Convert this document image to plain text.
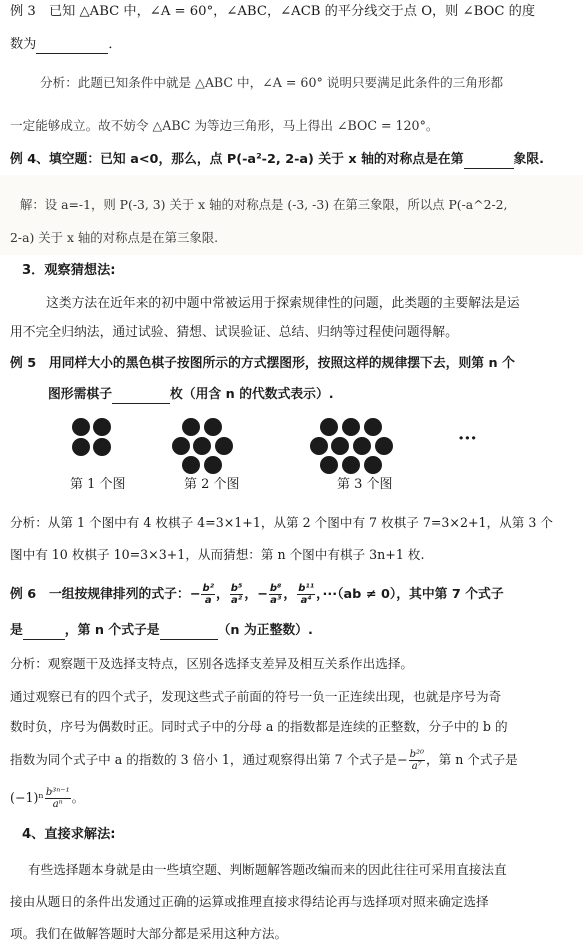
例 3　已知 △ABC 中，∠A = 60°，∠ABC，∠ACB 的平分线交于点 O，则 ∠BOC 的度
数为	．
分析：此题已知条件中就是 △ABC 中，∠A = 60° 说明只要满足此条件的三角形都
一定能够成立。故不妨令 △ABC 为等边三角形，马上得出 ∠BOC = 120°。
例 4、填空题：已知 a<0，那么，点 P(-a²-2, 2-a) 关于 x 轴的对称点是在第	象限.
解：设 a=-1，则 P(-3, 3) 关于 x 轴的对称点是 (-3, -3) 在第三象限，所以点 P(-a^2-2,
2-a) 关于 x 轴的对称点是在第三象限.
3．观察猜想法:
这类方法在近年来的初中题中常被运用于探索规律性的问题，此类题的主要解法是运
用不完全归纳法，通过试验、猜想、试误验证、总结、归纳等过程使问题得解。
例 5　用同样大小的黑色棋子按图所示的方式摆图形，按照这样的规律摆下去，则第 n 个
图形需棋子	枚（用含 n 的代数式表示）.
···
第 1 个图	第 2 个图	第 3 个图
分析：从第 1 个图中有 4 枚棋子 4=3×1+1，从第 2 个图中有 7 枚棋子 7=3×2+1，从第 3 个
图中有 10 枚棋子 10=3×3+1，从而猜想：第 n 个图中有棋子 3n+1 枚.
例 6　一组按规律排列的式子：− $\frac{\text{b²}}{a}$ ， $\frac{\text{b⁵}}{\text{a²}}$ ，− $\frac{\text{b⁸}}{\text{a³}}$ ， $\frac{\text{b¹¹}}{\text{a⁴}}$ ，···（ab ≠ 0），其中第 7 个式子
是	，第 n 个式子是	（n 为正整数）.
分析：观察题干及选择支特点，区别各选择支差异及相互关系作出选择。
通过观察已有的四个式子，发现这些式子前面的符号一负一正连续出现，也就是序号为奇
数时负，序号为偶数时正。同时式子中的分母 a 的指数都是连续的正整数，分子中的 b 的
指数为同个式子中 a 的指数的 3 倍小 1，通过观察得出第 7 个式子是− $\frac{\text{b²⁰}}{\text{a⁷}}$ ，第 n 个式子是
$(-1)^n \frac{\text{b³ⁿ⁻¹}}{\text{aⁿ}}$ 。
4、直接求解法:
有些选择题本身就是由一些填空题、判断题解答题改编而来的因此往往可采用直接法直
接由从题日的条件出发通过正确的运算或推理直接求得结论再与选择项对照来确定选择
项。我们在做解答题时大部分都是采用这种方法。
